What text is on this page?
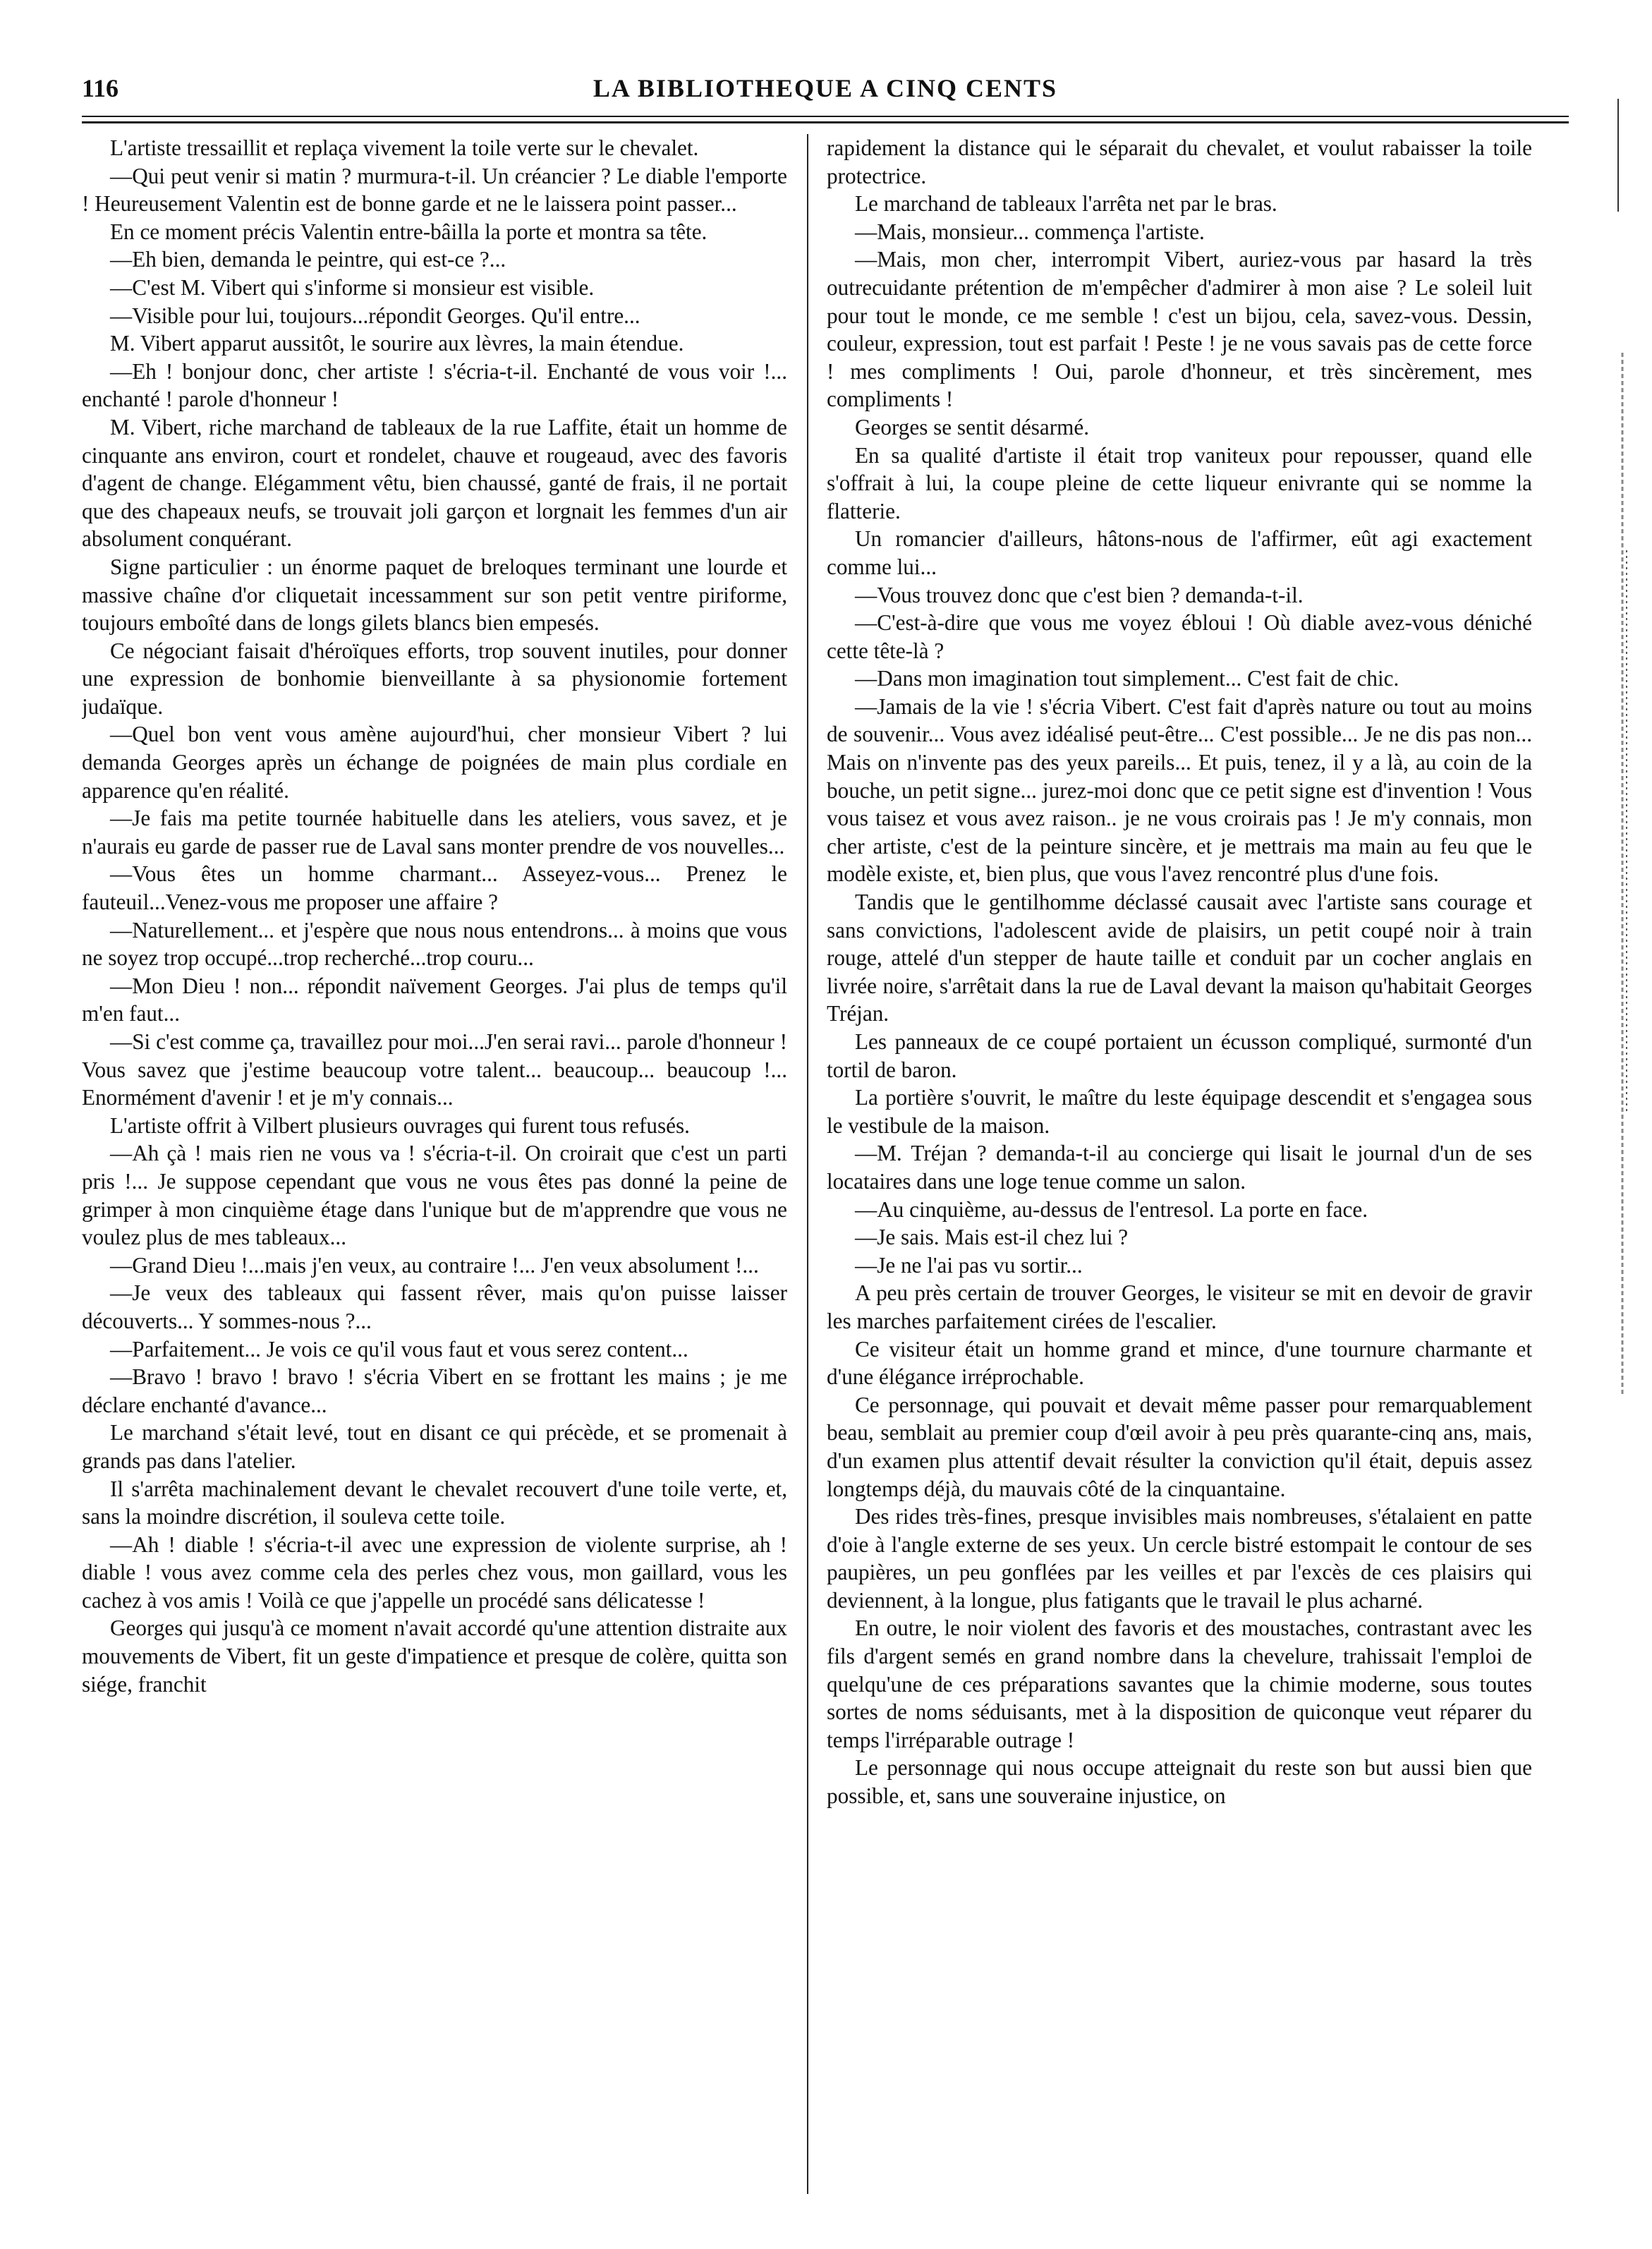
116	LA BIBLIOTHEQUE A CINQ CENTS

L'artiste tressaillit et replaça vivement la toile verte sur le chevalet.

—Qui peut venir si matin ? murmura-t-il. Un créancier ? Le diable l'emporte ! Heureusement Valentin est de bonne garde et ne le laissera point passer...

En ce moment précis Valentin entre-bâilla la porte et montra sa tête.

—Eh bien, demanda le peintre, qui est-ce ?...

—C'est M. Vibert qui s'informe si monsieur est visible.

—Visible pour lui, toujours...répondit Georges. Qu'il entre...

M. Vibert apparut aussitôt, le sourire aux lèvres, la main étendue.

—Eh ! bonjour donc, cher artiste ! s'écria-t-il. Enchanté de vous voir !... enchanté ! parole d'honneur !

M. Vibert, riche marchand de tableaux de la rue Laffite, était un homme de cinquante ans environ, court et rondelet, chauve et rougeaud, avec des favoris d'agent de change. Elégamment vêtu, bien chaussé, ganté de frais, il ne portait que des chapeaux neufs, se trouvait joli garçon et lorgnait les femmes d'un air absolument conquérant.

Signe particulier : un énorme paquet de breloques terminant une lourde et massive chaîne d'or cliquetait incessamment sur son petit ventre piriforme, toujours emboîté dans de longs gilets blancs bien empesés.

Ce négociant faisait d'héroïques efforts, trop souvent inutiles, pour donner une expression de bonhomie bienveillante à sa physionomie fortement judaïque.

—Quel bon vent vous amène aujourd'hui, cher monsieur Vibert ? lui demanda Georges après un échange de poignées de main plus cordiale en apparence qu'en réalité.

—Je fais ma petite tournée habituelle dans les ateliers, vous savez, et je n'aurais eu garde de passer rue de Laval sans monter prendre de vos nouvelles...

—Vous êtes un homme charmant... Asseyez-vous... Prenez le fauteuil...Venez-vous me proposer une affaire ?

—Naturellement... et j'espère que nous nous entendrons... à moins que vous ne soyez trop occupé...trop recherché...trop couru...

—Mon Dieu ! non... répondit naïvement Georges. J'ai plus de temps qu'il m'en faut...

—Si c'est comme ça, travaillez pour moi...J'en serai ravi... parole d'honneur ! Vous savez que j'estime beaucoup votre talent... beaucoup... beaucoup !... Enormément d'avenir ! et je m'y connais...

L'artiste offrit à Vilbert plusieurs ouvrages qui furent tous refusés.

—Ah çà ! mais rien ne vous va ! s'écria-t-il. On croirait que c'est un parti pris !... Je suppose cependant que vous ne vous êtes pas donné la peine de grimper à mon cinquième étage dans l'unique but de m'apprendre que vous ne voulez plus de mes tableaux...

—Grand Dieu !...mais j'en veux, au contraire !... J'en veux absolument !...

—Je veux des tableaux qui fassent rêver, mais qu'on puisse laisser découverts... Y sommes-nous ?...

—Parfaitement... Je vois ce qu'il vous faut et vous serez content...

—Bravo ! bravo ! bravo ! s'écria Vibert en se frottant les mains ; je me déclare enchanté d'avance...

Le marchand s'était levé, tout en disant ce qui précède, et se promenait à grands pas dans l'atelier.

Il s'arrêta machinalement devant le chevalet recouvert d'une toile verte, et, sans la moindre discrétion, il souleva cette toile.

—Ah ! diable ! s'écria-t-il avec une expression de violente surprise, ah ! diable ! vous avez comme cela des perles chez vous, mon gaillard, vous les cachez à vos amis ! Voilà ce que j'appelle un procédé sans délicatesse !

Georges qui jusqu'à ce moment n'avait accordé qu'une attention distraite aux mouvements de Vibert, fit un geste d'impatience et presque de colère, quitta son siége, franchit

rapidement la distance qui le séparait du chevalet, et voulut rabaisser la toile protectrice.

Le marchand de tableaux l'arrêta net par le bras.

—Mais, monsieur... commença l'artiste.

—Mais, mon cher, interrompit Vibert, auriez-vous par hasard la très outrecuidante prétention de m'empêcher d'admirer à mon aise ? Le soleil luit pour tout le monde, ce me semble ! c'est un bijou, cela, savez-vous. Dessin, couleur, expression, tout est parfait ! Peste ! je ne vous savais pas de cette force ! mes compliments ! Oui, parole d'honneur, et très sincèrement, mes compliments !

Georges se sentit désarmé.

En sa qualité d'artiste il était trop vaniteux pour repousser, quand elle s'offrait à lui, la coupe pleine de cette liqueur enivrante qui se nomme la flatterie.

Un romancier d'ailleurs, hâtons-nous de l'affirmer, eût agi exactement comme lui...

—Vous trouvez donc que c'est bien ? demanda-t-il.

—C'est-à-dire que vous me voyez ébloui ! Où diable avez-vous déniché cette tête-là ?

—Dans mon imagination tout simplement... C'est fait de chic.

—Jamais de la vie ! s'écria Vibert. C'est fait d'après nature ou tout au moins de souvenir... Vous avez idéalisé peut-être... C'est possible... Je ne dis pas non... Mais on n'invente pas des yeux pareils... Et puis, tenez, il y a là, au coin de la bouche, un petit signe... jurez-moi donc que ce petit signe est d'invention ! Vous vous taisez et vous avez raison.. je ne vous croirais pas ! Je m'y connais, mon cher artiste, c'est de la peinture sincère, et je mettrais ma main au feu que le modèle existe, et, bien plus, que vous l'avez rencontré plus d'une fois.

Tandis que le gentilhomme déclassé causait avec l'artiste sans courage et sans convictions, l'adolescent avide de plaisirs, un petit coupé noir à train rouge, attelé d'un stepper de haute taille et conduit par un cocher anglais en livrée noire, s'arrêtait dans la rue de Laval devant la maison qu'habitait Georges Tréjan.

Les panneaux de ce coupé portaient un écusson compliqué, surmonté d'un tortil de baron.

La portière s'ouvrit, le maître du leste équipage descendit et s'engagea sous le vestibule de la maison.

—M. Tréjan ? demanda-t-il au concierge qui lisait le journal d'un de ses locataires dans une loge tenue comme un salon.

—Au cinquième, au-dessus de l'entresol. La porte en face.

—Je sais. Mais est-il chez lui ?

—Je ne l'ai pas vu sortir...

A peu près certain de trouver Georges, le visiteur se mit en devoir de gravir les marches parfaitement cirées de l'escalier.

Ce visiteur était un homme grand et mince, d'une tournure charmante et d'une élégance irréprochable.

Ce personnage, qui pouvait et devait même passer pour remarquablement beau, semblait au premier coup d'œil avoir à peu près quarante-cinq ans, mais, d'un examen plus attentif devait résulter la conviction qu'il était, depuis assez longtemps déjà, du mauvais côté de la cinquantaine.

Des rides très-fines, presque invisibles mais nombreuses, s'étalaient en patte d'oie à l'angle externe de ses yeux. Un cercle bistré estompait le contour de ses paupières, un peu gonflées par les veilles et par l'excès de ces plaisirs qui deviennent, à la longue, plus fatigants que le travail le plus acharné.

En outre, le noir violent des favoris et des moustaches, contrastant avec les fils d'argent semés en grand nombre dans la chevelure, trahissait l'emploi de quelqu'une de ces préparations savantes que la chimie moderne, sous toutes sortes de noms séduisants, met à la disposition de quiconque veut réparer du temps l'irréparable outrage !

Le personnage qui nous occupe atteignait du reste son but aussi bien que possible, et, sans une souveraine injustice, on
